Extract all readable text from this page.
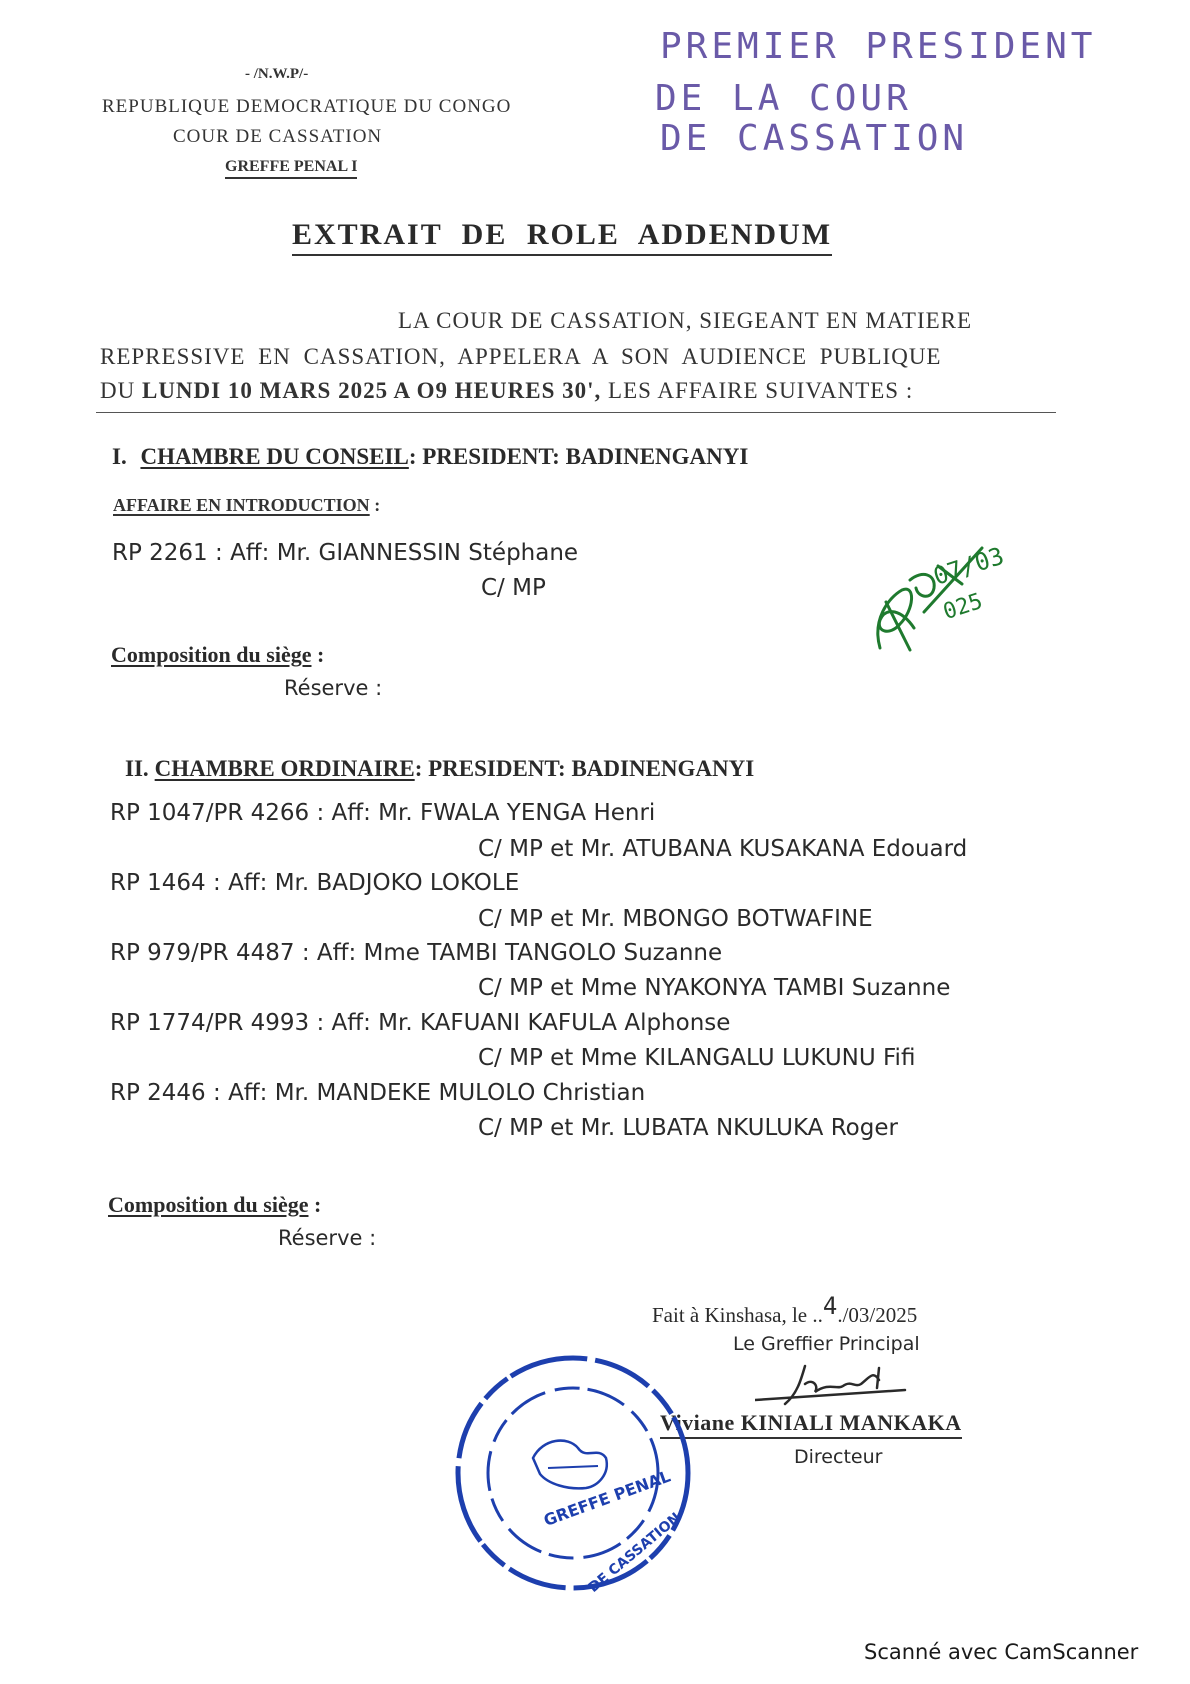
- /N.W.P/-
REPUBLIQUE DEMOCRATIQUE DU CONGO
COUR DE CASSATION
GREFFE PENAL I
PREMIER PRESIDENT
DE LA COUR
DE CASSATION
EXTRAIT DE ROLE ADDENDUM
LA COUR DE CASSATION, SIEGEANT EN MATIERE
REPRESSIVE EN CASSATION, APPELERA A SON AUDIENCE PUBLIQUE
DU LUNDI 10 MARS 2025 A O9 HEURES 30', LES AFFAIRE SUIVANTES :
I. CHAMBRE DU CONSEIL: PRESIDENT: BADINENGANYI
AFFAIRE EN INTRODUCTION :
RP 2261 : Aff: Mr. GIANNESSIN Stéphane
C/ MP	07/03
025
Composition du siège :
Réserve :
II. CHAMBRE ORDINAIRE: PRESIDENT: BADINENGANYI
RP 1047/PR 4266 : Aff: Mr. FWALA YENGA Henri
C/ MP et Mr. ATUBANA KUSAKANA Edouard
RP 1464 : Aff: Mr. BADJOKO LOKOLE
C/ MP et Mr. MBONGO BOTWAFINE
RP 979/PR 4487 : Aff: Mme TAMBI TANGOLO Suzanne
C/ MP et Mme NYAKONYA TAMBI Suzanne
RP 1774/PR 4993 : Aff: Mr. KAFUANI KAFULA Alphonse
C/ MP et Mme KILANGALU LUKUNU Fifi
RP 2446 : Aff: Mr. MANDEKE MULOLO Christian
C/ MP et Mr. LUBATA NKULUKA Roger
Composition du siège :
Réserve :
Fait à Kinshasa, le ..4./03/2025
Le Greffier Principal
Viviane KINIALI MANKAKA
Directeur
GREFFE PENAL
DE CASSATION
Scanné avec CamScanner
